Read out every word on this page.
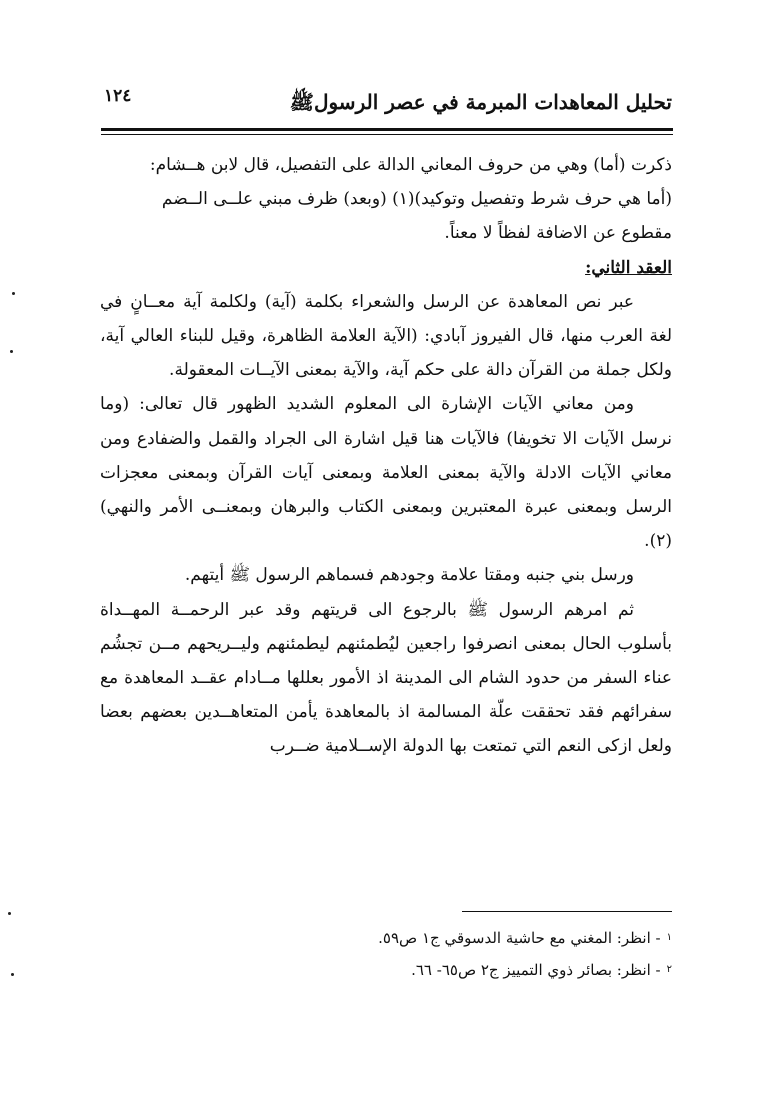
تحليل المعاهدات المبرمة في عصر الرسولﷺ
١٢٤

ذكرت (أما) وهي من حروف المعاني الدالة على التفصيل، قال لابن هــشام:

(أما هي حرف شرط وتفصيل وتوكيد)(١) (وبعد) ظرف مبني علــى الــضم

مقطوع عن الاضافة لفظاً لا معناً.

العقد الثاني:

عبر نص المعاهدة عن الرسل والشعراء بكلمة (آية) ولكلمة آية معــانٍ في لغة العرب منها، قال الفيروز آبادي: (الآية العلامة الظاهرة، وقيل للبناء العالي آية، ولكل جملة من القرآن دالة على حكم آية، والآية بمعنى الآيــات المعقولة.

ومن معاني الآيات الإشارة الى المعلوم الشديد الظهور قال تعالى: (وما نرسل الآيات الا تخويفا) فالآيات هنا قيل اشارة الى الجراد والقمل والضفادع ومن معاني الآيات الادلة والآية بمعنى العلامة وبمعنى آيات القرآن وبمعنى معجزات الرسل وبمعنى عبرة المعتبرين وبمعنى الكتاب والبرهان وبمعنــى الأمر والنهي)(٢).

ورسل بني جنبه ومقتا علامة وجودهم فسماهم الرسول ﷺ أيتهم.

ثم امرهم الرسول ﷺ بالرجوع الى قريتهم وقد عبر الرحمــة المهــداة بأسلوب الحال بمعنى انصرفوا راجعين ليُطمئنهم ليطمئنهم وليــريحهم مــن تجشُم عناء السفر من حدود الشام الى المدينة اذ الأمور بعللها مــادام عقــد المعاهدة مع سفرائهم فقد تحققت علّة المسالمة اذ بالمعاهدة يأمن المتعاهــدين بعضهم بعضا ولعل ازكى النعم التي تمتعت بها الدولة الإســلامية ضــرب

$^١$- انظر: المغني مع حاشية الدسوقي ج١ ص٥٩.

$^٢$- انظر: بصائر ذوي التمييز ج٢ ص٦٥- ٦٦.
